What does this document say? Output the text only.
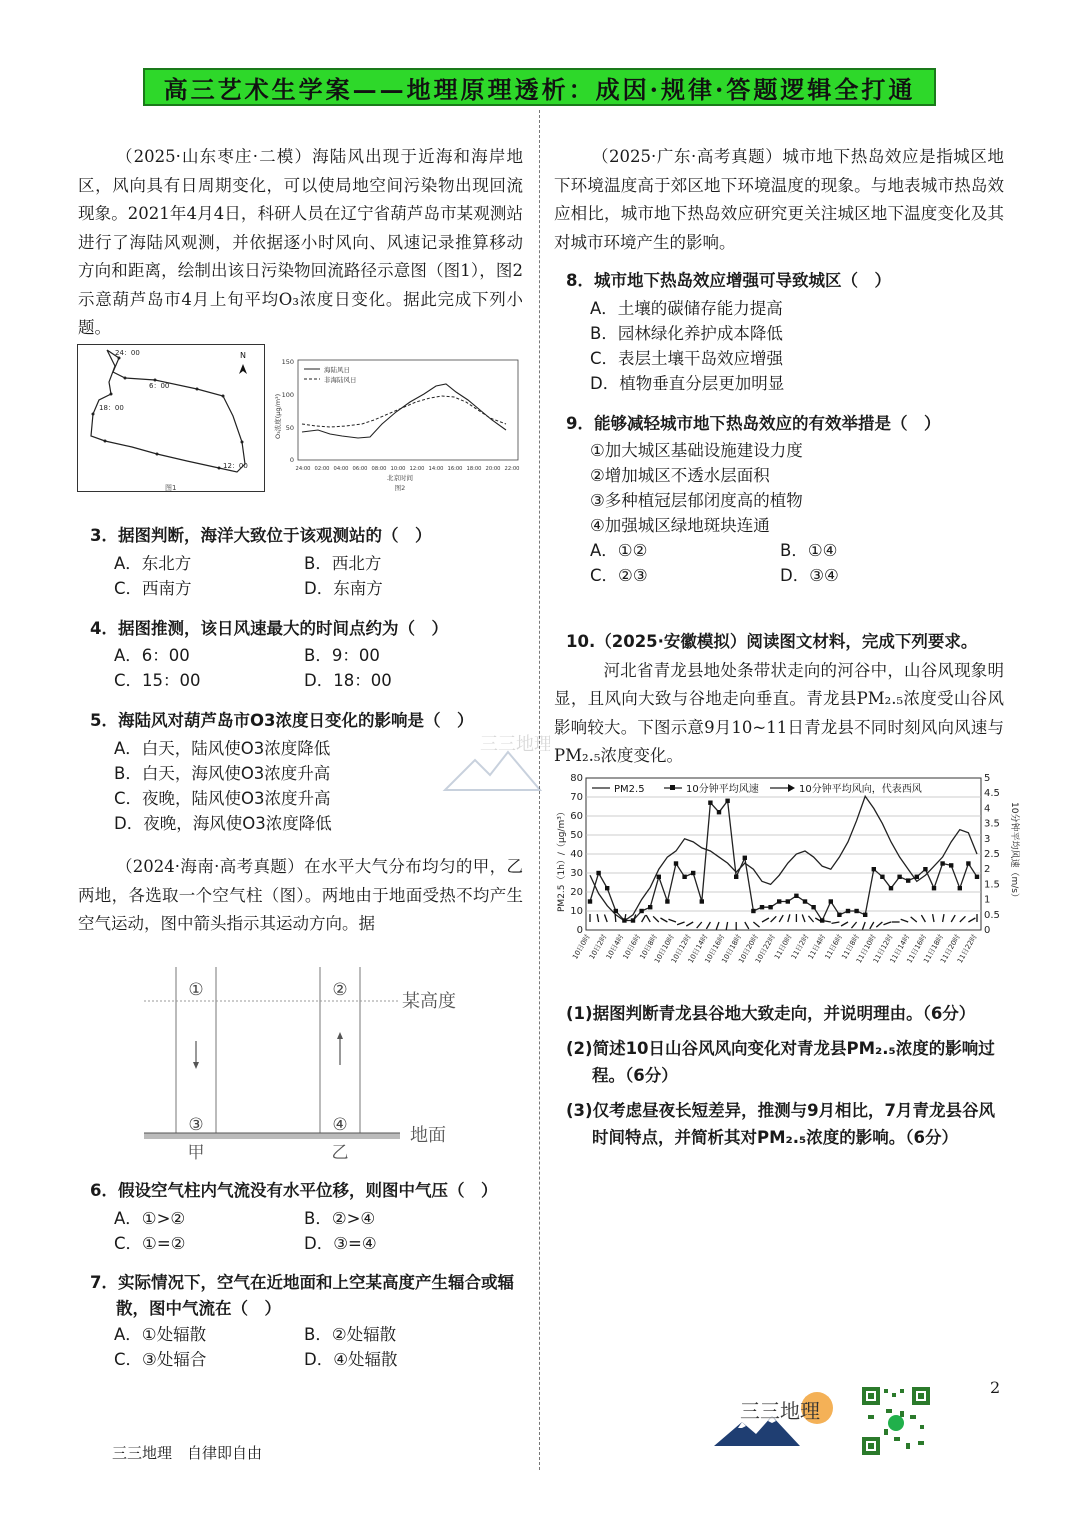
高三艺术生学案——地理原理透析：成因·规律·答题逻辑全打通

（2025·山东枣庄·二模）海陆风出现于近海和海岸地区，风向具有日周期变化，可以使局地空间污染物出现回流现象。2021年4月4日，科研人员在辽宁省葫芦岛市某观测站进行了海陆风观测，并依据逐小时风向、风速记录推算移动方向和距离，绘制出该日污染物回流路径示意图（图1），图2示意葫芦岛市4月上旬平均O₃浓度日变化。据此完成下列小题。

24：00
6：00
18：00
12：00
N
图1
150
100
50
0
O₃浓度(μg/m³)
海陆风日
非海陆风日
24:00 02:00 04:00 06:00 08:00 10:00 12:00 14:00 16:00 18:00 20:00 22:00
北京时间
图2

3．据图判断，海洋大致位于该观测站的（　）

A．东北方	B．西北方
C．西南方	D．东南方

4．据图推测，该日风速最大的时间点约为（　）

A．6：00	B．9：00
C．15：00	D．18：00

5．海陆风对葫芦岛市O3浓度日变化的影响是（　）

A．白天，陆风使O3浓度降低
B．白天，海风使O3浓度升高
C．夜晚，陆风使O3浓度升高
D．夜晚，海风使O3浓度降低

（2024·海南·高考真题）在水平大气分布均匀的甲，乙两地，各选取一个空气柱（图）。两地由于地面受热不均产生空气运动，图中箭头指示其运动方向。据

①	②
③	④
某高度
地面
甲	乙

6．假设空气柱内气流没有水平位移，则图中气压（　）

A．①>②	B．②>④
C．①=②	D．③=④

7．实际情况下，空气在近地面和上空某高度产生辐合或辐散，图中气流在（　）

A．①处辐散	B．②处辐散
C．③处辐合	D．④处辐散
三三地理

（2025·广东·高考真题）城市地下热岛效应是指城区地下环境温度高于郊区地下环境温度的现象。与地表城市热岛效应相比，城市地下热岛效应研究更关注城区地下温度变化及其对城市环境产生的影响。

8．城市地下热岛效应增强可导致城区（　）

A．土壤的碳储存能力提高
B．园林绿化养护成本降低
C．表层土壤干岛效应增强
D．植物垂直分层更加明显

9．能够减轻城市地下热岛效应的有效举措是（　）

①加大城区基础设施建设力度
②增加城区不透水层面积
③多种植冠层郁闭度高的植物
④加强城区绿地斑块连通
A．①②	B．①④
C．②③	D．③④

10.（2025·安徽模拟）阅读图文材料，完成下列要求。

河北省青龙县地处条带状走向的河谷中，山谷风现象明显，且风向大致与谷地走向垂直。青龙县PM₂.₅浓度受山谷风影响较大。下图示意9月10~11日青龙县不同时刻风向风速与PM₂.₅浓度变化。

80
70
60
50
40
30
20
10
0
5
4.5
4
3.5
3
2.5
2
1.5
1
0.5
0
10日0时
10日2时
10日4时
10日6时
10日8时
10日10时
10日12时
10日14时
10日16时
10日18时
10日20时
10日22时
11日0时
11日2时
11日4时
11日6时
11日8时
11日10时
11日12时
11日14时
11日16时
11日18时
11日20时
11日22时
PM2.5	10分钟平均风速	10分钟平均风向，代表西风
PM2.5（1h）/（μg/m³）	10分钟平均风速（m/s）

(1)据图判断青龙县谷地大致走向，并说明理由。（6分）

(2)简述10日山谷风风向变化对青龙县PM₂.₅浓度的影响过程。（6分）

(3)仅考虑昼夜长短差异，推测与9月相比，7月青龙县谷风时间特点，并简析其对PM₂.₅浓度的影响。（6分）

2
三三地理
三三地理　自律即自由
